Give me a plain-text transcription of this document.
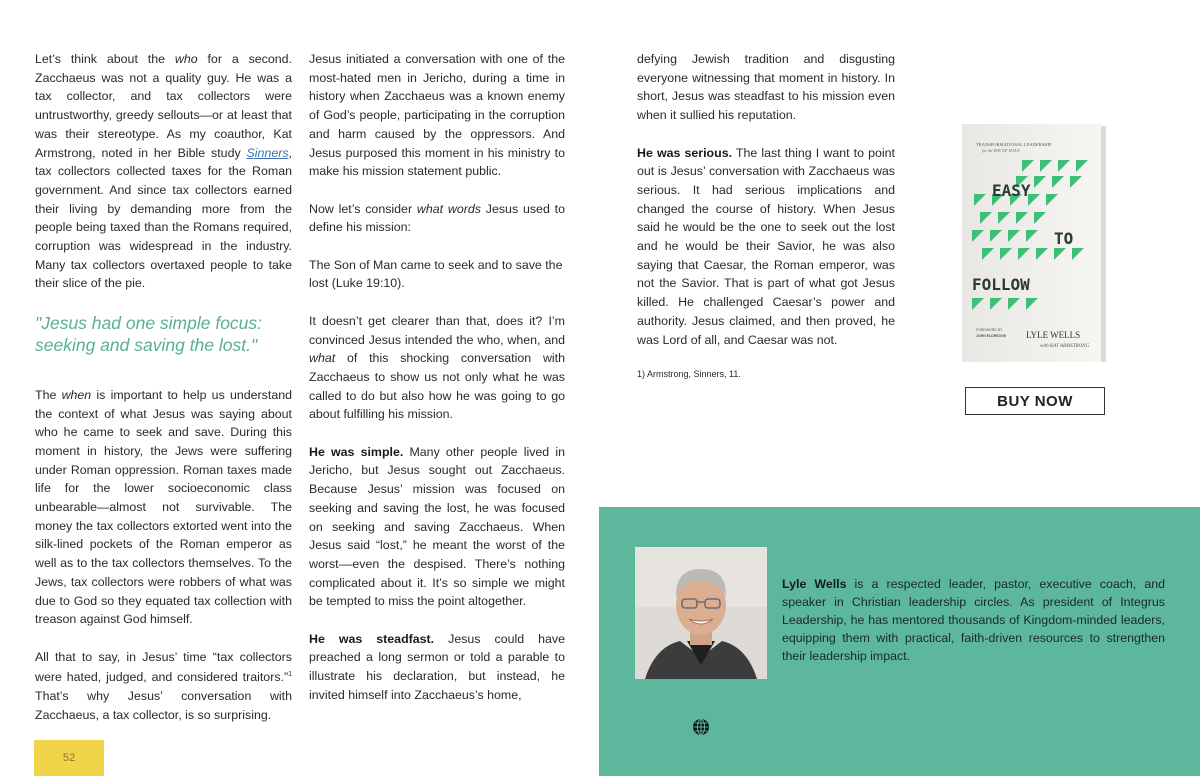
Let’s think about the who for a second. Zacchaeus was not a quality guy. He was a tax collector, and tax collectors were untrustworthy, greedy sellouts—or at least that was their stereotype. As my coauthor, Kat Armstrong, noted in her Bible study Sinners, tax collectors collected taxes for the Roman government. And since tax collectors earned their living by demanding more from the people being taxed than the Romans required, corruption was widespread in the industry. Many tax collectors overtaxed people to take their slice of the pie.

"Jesus had one simple focus: seeking and saving the lost."

The when is important to help us understand the context of what Jesus was saying about who he came to seek and save. During this moment in history, the Jews were suffering under Roman oppression. Roman taxes made life for the lower socioeconomic class unbearable—almost not survivable. The money the tax collectors extorted went into the silk-lined pockets of the Roman emperor as well as to the tax collectors themselves. To the Jews, tax collectors were robbers of what was due to God so they equated tax collection with treason against God himself.

All that to say, in Jesus’ time “tax collectors were hated, judged, and considered traitors.”$^1$ That’s why Jesus’ conversation with Zacchaeus, a tax collector, is so surprising.

Jesus initiated a conversation with one of the most-hated men in Jericho, during a time in history when Zacchaeus was a known enemy of God’s people, participating in the corruption and harm caused by the oppressors. And Jesus purposed this moment in his ministry to make his mission statement public.

Now let’s consider what words Jesus used to define his mission:

The Son of Man came to seek and to save the lost (Luke 19:10).

It doesn’t get clearer than that, does it? I’m convinced Jesus intended the who, when, and what of this shocking conversation with Zacchaeus to show us not only what he was called to do but also how he was going to go about fulfilling his mission.

He was simple. Many other people lived in Jericho, but Jesus sought out Zacchaeus. Because Jesus’ mission was focused on seeking and saving the lost, he was focused on seeking and saving Zacchaeus. When Jesus said “lost,” he meant the worst of the worst––even the despised. There’s nothing complicated about it. It’s so simple we might be tempted to miss the point altogether.

He was steadfast. Jesus could have preached a long sermon or told a parable to illustrate his declaration, but instead, he invited himself into Zacchaeus’s home,

defying Jewish tradition and disgusting everyone witnessing that moment in history. In short, Jesus was steadfast to his mission even when it sullied his reputation.

He was serious. The last thing I want to point out is Jesus’ conversation with Zacchaeus was serious. It had serious implications and changed the course of history. When Jesus said he would be the one to seek out the lost and he would be their Savior, he was also saying that Caesar, the Roman emperor, was not the Savior. That is part of what got Jesus killed. He challenged Caesar’s power and authority. Jesus claimed, and then proved, he was Lord of all, and Caesar was not.

1) Armstrong, Sinners, 11.
TRANSFORMATIONAL LEADERSHIP
for the WAY OF JESUS
EASY
TO
FOLLOW
FOREWORD BY
JOHN ELDREDGE LYLE WELLS
with KAT ARMSTRONG
BUY NOW

Lyle Wells is a respected leader, pastor, executive coach, and speaker in Christian leadership circles. As president of Integrus Leadership, he has mentored thousands of Kingdom-minded leaders, equipping them with practical, faith-driven resources to strengthen their leadership impact.

52
